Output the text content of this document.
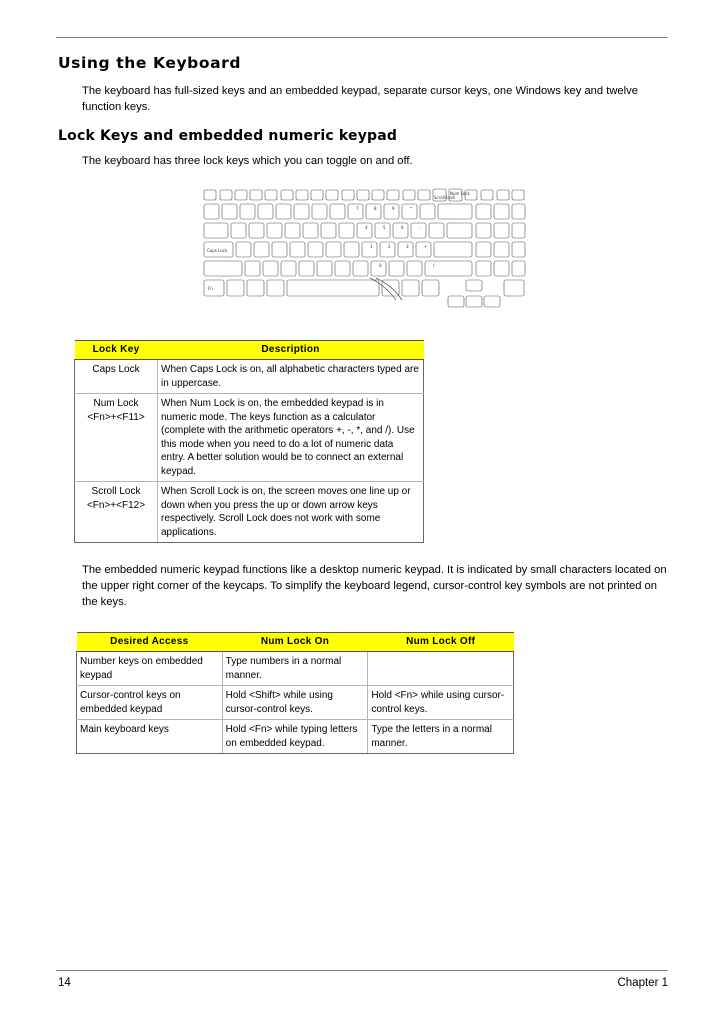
Using the Keyboard

The keyboard has full-sized keys and an embedded keypad, separate cursor keys, one Windows key and twelve function keys.

Lock Keys and embedded numeric keypad

The keyboard has three lock keys which you can toggle on and off.

Num Lock
Scroll Lock
Caps Lock
Fn
7	8	9	*
4	5	6	-
1	2	3	+
0	/
Lock Key	Description

Caps Lock	When Caps Lock is on, all alphabetic characters typed are in uppercase.

Num Lock
<Fn>+<F11>	When Num Lock is on, the embedded keypad is in numeric mode. The keys function as a calculator (complete with the arithmetic operators +, -, *, and /). Use this mode when you need to do a lot of numeric data entry. A better solution would be to connect an external keypad.

Scroll Lock
<Fn>+<F12>	When Scroll Lock is on, the screen moves one line up or down when you press the up or down arrow keys respectively. Scroll Lock does not work with some applications.

The embedded numeric keypad functions like a desktop numeric keypad. It is indicated by small characters located on the upper right corner of the keycaps. To simplify the keyboard legend, cursor-control key symbols are not printed on the keys.

Desired Access	Num Lock On	Num Lock Off
Number keys on embedded keypad	Type numbers in a normal manner.	
Cursor-control keys on embedded keypad	Hold <Shift> while using cursor-control keys.	Hold <Fn> while using cursor-control keys.
Main keyboard keys	Hold <Fn> while typing letters on embedded keypad.	Type the letters in a normal manner.
14	Chapter 1
